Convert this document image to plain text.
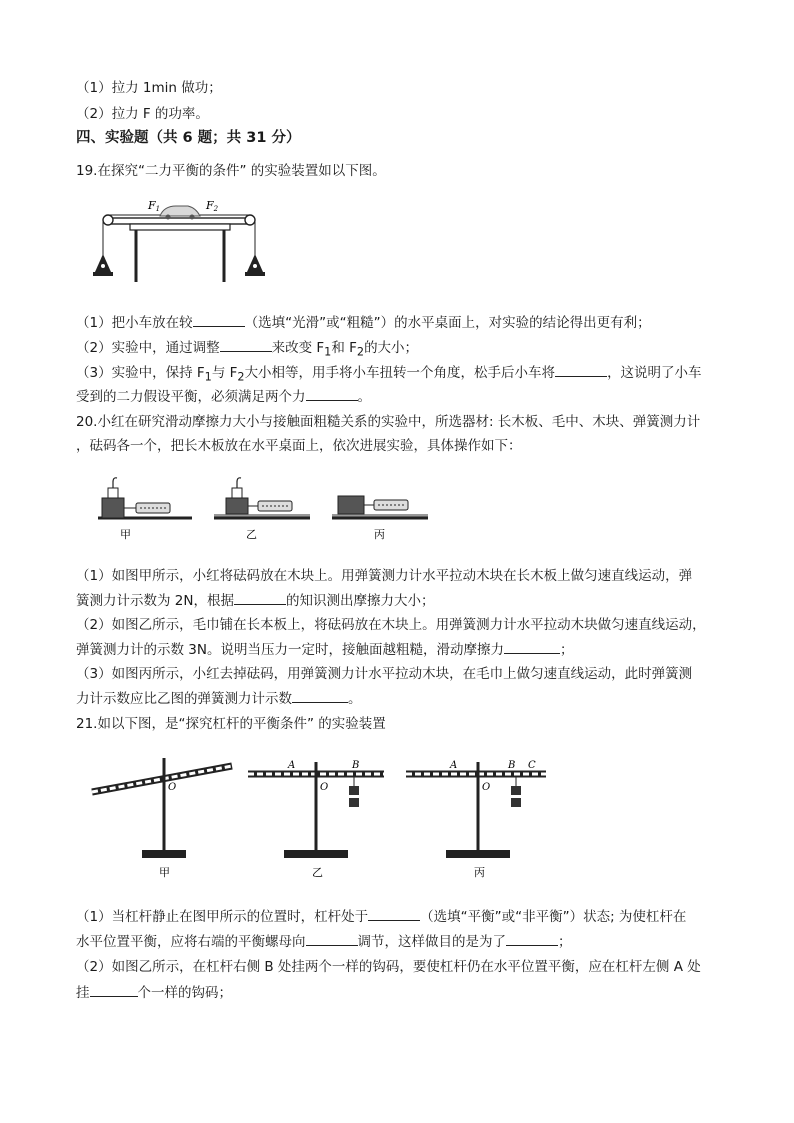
（1）拉力 1min 做功；
（2）拉力 F 的功率。
四、实验题（共 6 题；共 31 分）
19.在探究“二力平衡的条件” 的实验装置如以下图。
F1	F2
（1）把小车放在较	（选填“光滑”或“粗糙”）的水平桌面上，对实验的结论得出更有利；
（2）实验中，通过调整	来改变 $F_1$和 $F_2$的大小；
（3）实验中，保持 $F_1$与 $F_2$大小相等，用手将小车扭转一个角度，松手后小车将	，这说明了小车
受到的二力假设平衡，必须满足两个力	。
20.小红在研究滑动摩擦力大小与接触面粗糙关系的实验中，所选器材: 长木板、毛中、木块、弹簧测力计
，砝码各一个，把长木板放在水平桌面上，依次进展实验，具体操作如下：
甲	乙	丙
（1）如图甲所示，小红将砝码放在木块上。用弹簧测力计水平拉动木块在长木板上做匀速直线运动，弹
簧测力计示数为 2N，根据	的知识测出摩擦力大小；
（2）如图乙所示，毛巾铺在长本板上，将砝码放在木块上。用弹簧测力计水平拉动木块做匀速直线运动，
弹簧测力计的示数 3N。说明当压力一定时，接触面越粗糙，滑动摩擦力	；
（3）如图丙所示，小红去掉砝码，用弹簧测力计水平拉动木块，在毛巾上做匀速直线运动，此时弹簧测
力计示数应比乙图的弹簧测力计示数	。
21.如以下图，是“探究杠杆的平衡条件” 的实验装置
O
甲
A	B
O
乙
A	B C
O
丙
（1）当杠杆静止在图甲所示的位置时，杠杆处于	（选填“平衡”或“非平衡”）状态; 为使杠杆在
水平位置平衡，应将右端的平衡螺母向	调节，这样做目的是为了	；
（2）如图乙所示，在杠杆右侧 B 处挂两个一样的钩码，要使杠杆仍在水平位置平衡，应在杠杆左侧 A 处
挂	个一样的钩码；
